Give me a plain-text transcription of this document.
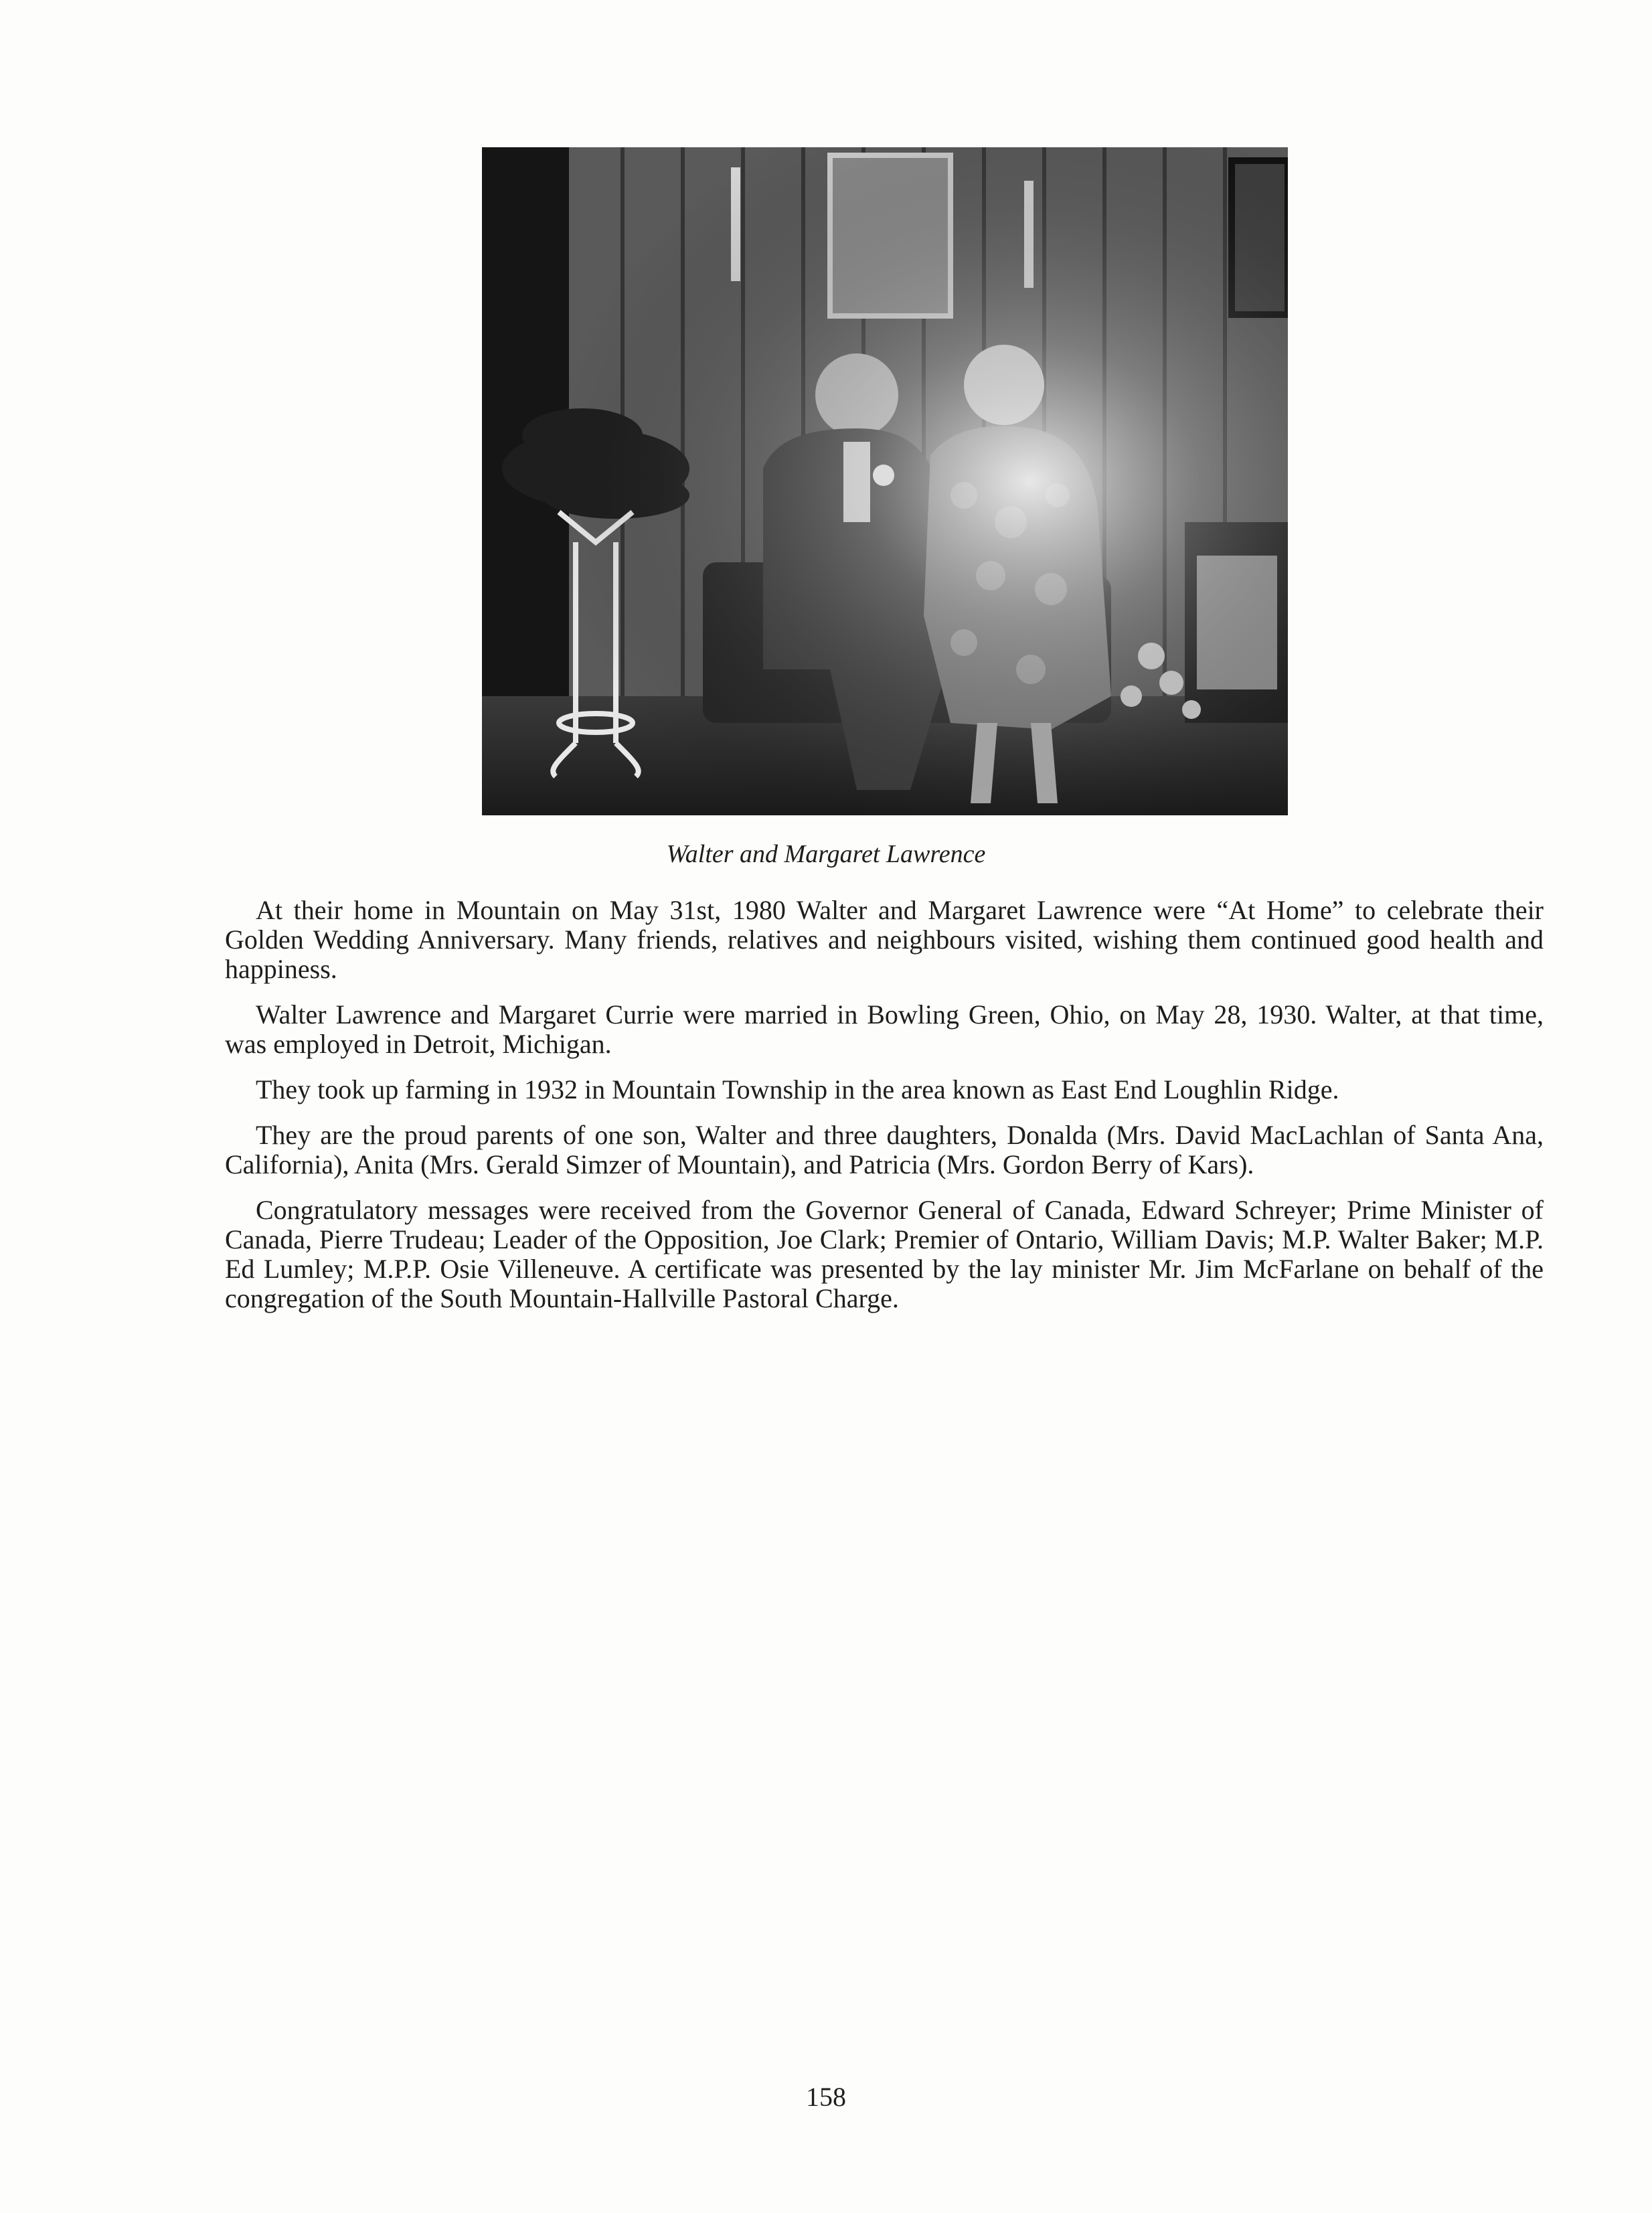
Walter and Margaret Lawrence

At their home in Mountain on May 31st, 1980 Walter and Margaret Lawrence were “At Home” to celebrate their Golden Wedding Anniversary. Many friends, relatives and neighbours visited, wishing them continued good health and happiness.

Walter Lawrence and Margaret Currie were married in Bowling Green, Ohio, on May 28, 1930. Walter, at that time, was employed in Detroit, Michigan.

They took up farming in 1932 in Mountain Township in the area known as East End Loughlin Ridge.

They are the proud parents of one son, Walter and three daughters, Donalda (Mrs. David MacLachlan of Santa Ana, California), Anita (Mrs. Gerald Simzer of Mountain), and Patricia (Mrs. Gordon Berry of Kars).

Congratulatory messages were received from the Governor General of Canada, Edward Schreyer; Prime Minister of Canada, Pierre Trudeau; Leader of the Opposition, Joe Clark; Premier of Ontario, William Davis; M.P. Walter Baker; M.P. Ed Lumley; M.P.P. Osie Villeneuve. A certificate was presented by the lay minister Mr. Jim McFarlane on behalf of the congregation of the South Mountain-Hallville Pastoral Charge.

158
